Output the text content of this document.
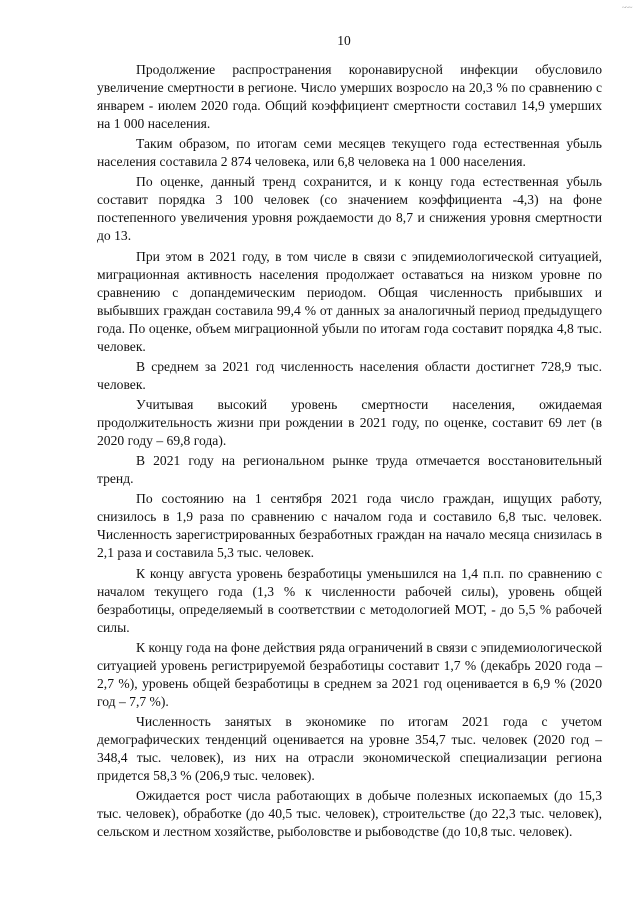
~~~
10

Продолжение распространения коронавирусной инфекции обусловило увеличение смертности в регионе. Число умерших возросло на 20,3 % по сравнению с январем - июлем 2020 года. Общий коэффициент смертности составил 14,9 умерших на 1 000 населения.

Таким образом, по итогам семи месяцев текущего года естественная убыль населения составила 2 874 человека, или 6,8 человека на 1 000 населения.

По оценке, данный тренд сохранится, и к концу года естественная убыль составит порядка 3 100 человек (со значением коэффициента -4,3) на фоне постепенного увеличения уровня рождаемости до 8,7 и снижения уровня смертности до 13.

При этом в 2021 году, в том числе в связи с эпидемиологической ситуацией, миграционная активность населения продолжает оставаться на низком уровне по сравнению с допандемическим периодом. Общая численность прибывших и выбывших граждан составила 99,4 % от данных за аналогичный период предыдущего года. По оценке, объем миграционной убыли по итогам года составит порядка 4,8 тыс. человек.

В среднем за 2021 год численность населения области достигнет 728,9 тыс. человек.

Учитывая высокий уровень смертности населения, ожидаемая продолжительность жизни при рождении в 2021 году, по оценке, составит 69 лет (в 2020 году – 69,8 года).

В 2021 году на региональном рынке труда отмечается восстановительный тренд.

По состоянию на 1 сентября 2021 года число граждан, ищущих работу, снизилось в 1,9 раза по сравнению с началом года и составило 6,8 тыс. человек. Численность зарегистрированных безработных граждан на начало месяца снизилась в 2,1 раза и составила 5,3 тыс. человек.

К концу августа уровень безработицы уменьшился на 1,4 п.п. по сравнению с началом текущего года (1,3 % к численности рабочей силы), уровень общей безработицы, определяемый в соответствии с методологией МОТ, - до 5,5 % рабочей силы.

К концу года на фоне действия ряда ограничений в связи с эпидемиологической ситуацией уровень регистрируемой безработицы составит 1,7 % (декабрь 2020 года – 2,7 %), уровень общей безработицы в среднем за 2021 год оценивается в 6,9 % (2020 год – 7,7 %).

Численность занятых в экономике по итогам 2021 года с учетом демографических тенденций оценивается на уровне 354,7 тыс. человек (2020 год – 348,4 тыс. человек), из них на отрасли экономической специализации региона придется 58,3 % (206,9 тыс. человек).

Ожидается рост числа работающих в добыче полезных ископаемых (до 15,3 тыс. человек), обработке (до 40,5 тыс. человек), строительстве (до 22,3 тыс. человек), сельском и лестном хозяйстве, рыболовстве и рыбоводстве (до 10,8 тыс. человек).
